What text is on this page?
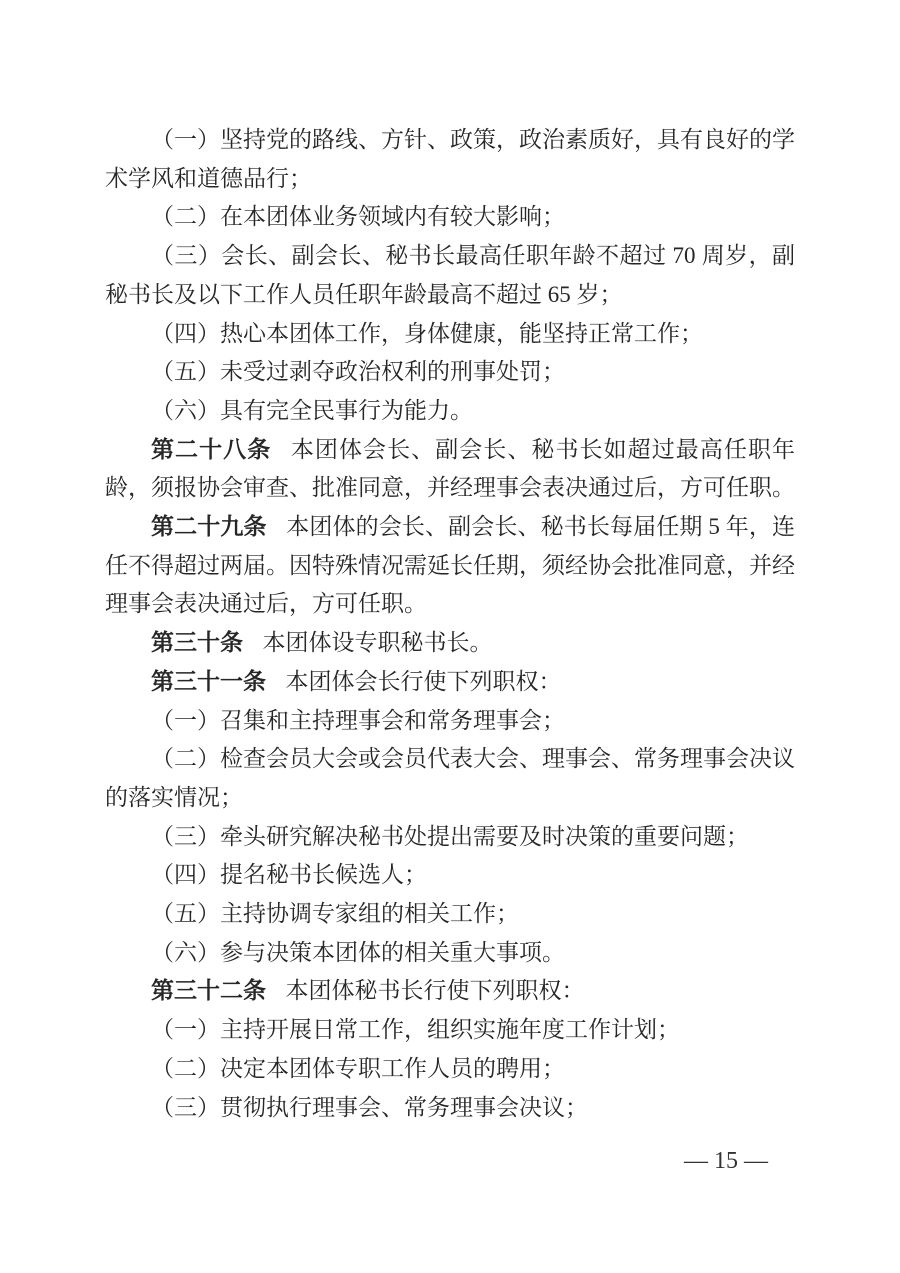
（一）坚持党的路线、方针、政策，政治素质好，具有良好的学术学风和道德品行；

（二）在本团体业务领域内有较大影响；

（三）会长、副会长、秘书长最高任职年龄不超过 70 周岁，副秘书长及以下工作人员任职年龄最高不超过 65 岁；

（四）热心本团体工作，身体健康，能坚持正常工作；

（五）未受过剥夺政治权利的刑事处罚；

（六）具有完全民事行为能力。

第二十八条 本团体会长、副会长、秘书长如超过最高任职年龄，须报协会审查、批准同意，并经理事会表决通过后，方可任职。

第二十九条 本团体的会长、副会长、秘书长每届任期 5 年，连任不得超过两届。因特殊情况需延长任期，须经协会批准同意，并经理事会表决通过后，方可任职。

第三十条 本团体设专职秘书长。

第三十一条 本团体会长行使下列职权：

（一）召集和主持理事会和常务理事会；

（二）检查会员大会或会员代表大会、理事会、常务理事会决议的落实情况；

（三）牵头研究解决秘书处提出需要及时决策的重要问题；

（四）提名秘书长候选人；

（五）主持协调专家组的相关工作；

（六）参与决策本团体的相关重大事项。

第三十二条 本团体秘书长行使下列职权：

（一）主持开展日常工作，组织实施年度工作计划；

（二）决定本团体专职工作人员的聘用；

（三）贯彻执行理事会、常务理事会决议；

— 15 —
